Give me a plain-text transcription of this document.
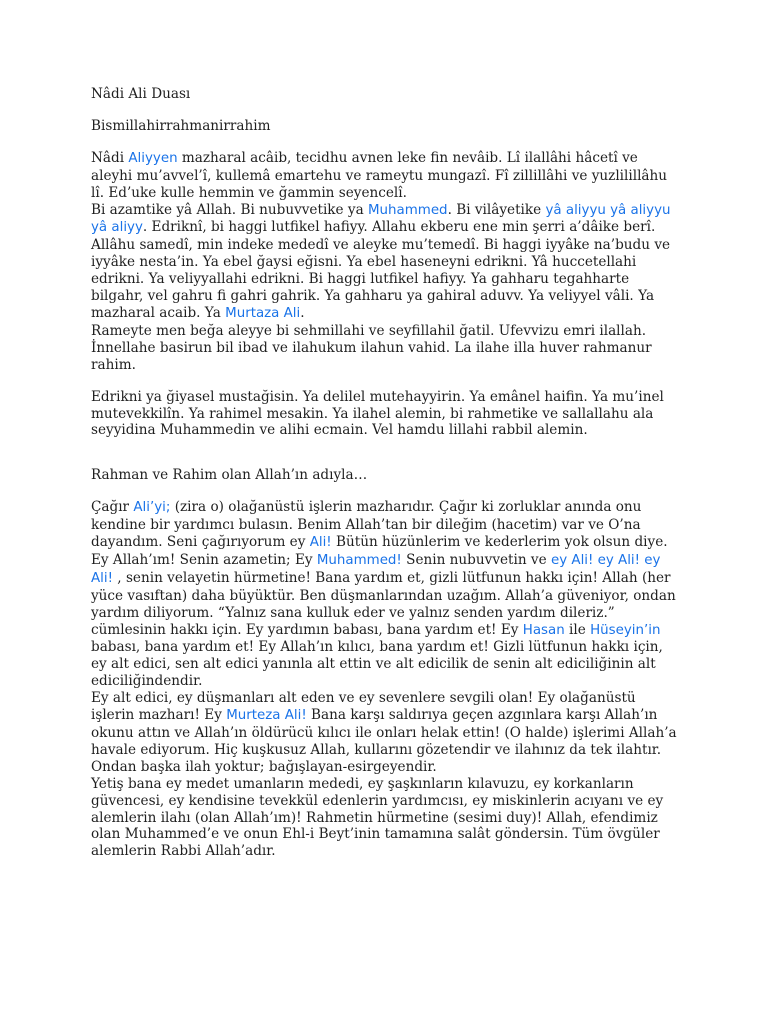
Nâdi Ali Duası

Bismillahirrahmanirrahim

Nâdi Aliyyen mazharal acâib, tecidhu avnen leke fin nevâib. Lî ilallâhi hâcetî ve aleyhi mu’avvel’î, kullemâ emartehu ve rameytu mungazî. Fî zillillâhi ve yuzlilillâhu lî. Ed’uke kulle hemmin ve ğammin seyencelî.

Bi azamtike yâ Allah. Bi nubuvvetike ya Muhammed. Bi vilâyetike yâ aliyyu yâ aliyyu yâ aliyy. Edriknî, bi haggi lutfikel hafiyy. Allahu ekberu ene min şerri a’dâike berî. Allâhu samedî, min indeke mededî ve aleyke mu’temedî. Bi haggi iyyâke na’budu ve iyyâke nesta’in. Ya ebel ğaysi eğisni. Ya ebel haseneyni edrikni. Yâ huccetellahi edrikni. Ya veliyyallahi edrikni. Bi haggi lutfikel hafiyy. Ya gahharu tegahharte bilgahr, vel gahru fi gahri gahrik. Ya gahharu ya gahiral aduvv. Ya veliyyel vâli. Ya mazharal acaib. Ya Murtaza Ali.

Rameyte men beğa aleyye bi sehmillahi ve seyfillahil ğatil. Ufevvizu emri ilallah. İnnellahe basirun bil ibad ve ilahukum ilahun vahid. La ilahe illa huver rahmanur rahim.

Edrikni ya ğiyasel mustağisin. Ya delilel mutehayyirin. Ya emânel haifin. Ya mu’inel mutevekkilîn. Ya rahimel mesakin. Ya ilahel alemin, bi rahmetike ve sallallahu ala seyyidina Muhammedin ve alihi ecmain. Vel hamdu lillahi rabbil alemin.

Rahman ve Rahim olan Allah’ın adıyla…

Çağır Ali’yi; (zira o) olağanüstü işlerin mazharıdır. Çağır ki zorluklar anında onu kendine bir yardımcı bulasın. Benim Allah’tan bir dileğim (hacetim) var ve O’na dayandım. Seni çağırıyorum ey Ali! Bütün hüzünlerim ve kederlerim yok olsun diye.

Ey Allah’ım! Senin azametin; Ey Muhammed! Senin nubuvvetin ve ey Ali! ey Ali! ey Ali! , senin velayetin hürmetine! Bana yardım et, gizli lütfunun hakkı için! Allah (her yüce vasıftan) daha büyüktür. Ben düşmanlarından uzağım. Allah’a güveniyor, ondan yardım diliyorum. “Yalnız sana kulluk eder ve yalnız senden yardım dileriz.” cümlesinin hakkı için. Ey yardımın babası, bana yardım et! Ey Hasan ile Hüseyin’in babası, bana yardım et! Ey Allah’ın kılıcı, bana yardım et! Gizli lütfunun hakkı için, ey alt edici, sen alt edici yanınla alt ettin ve alt edicilik de senin alt ediciliğinin alt ediciliğindendir.

Ey alt edici, ey düşmanları alt eden ve ey sevenlere sevgili olan! Ey olağanüstü işlerin mazharı! Ey Murteza Ali! Bana karşı saldırıya geçen azgınlara karşı Allah’ın okunu attın ve Allah’ın öldürücü kılıcı ile onları helak ettin! (O halde) işlerimi Allah’a havale ediyorum. Hiç kuşkusuz Allah, kullarını gözetendir ve ilahınız da tek ilahtır. Ondan başka ilah yoktur; bağışlayan-esirgeyendir.

Yetiş bana ey medet umanların mededi, ey şaşkınların kılavuzu, ey korkanların güvencesi, ey kendisine tevekkül edenlerin yardımcısı, ey miskinlerin acıyanı ve ey alemlerin ilahı (olan Allah’ım)! Rahmetin hürmetine (sesimi duy)! Allah, efendimiz olan Muhammed’e ve onun Ehl-i Beyt’inin tamamına salât göndersin. Tüm övgüler alemlerin Rabbi Allah’adır.
